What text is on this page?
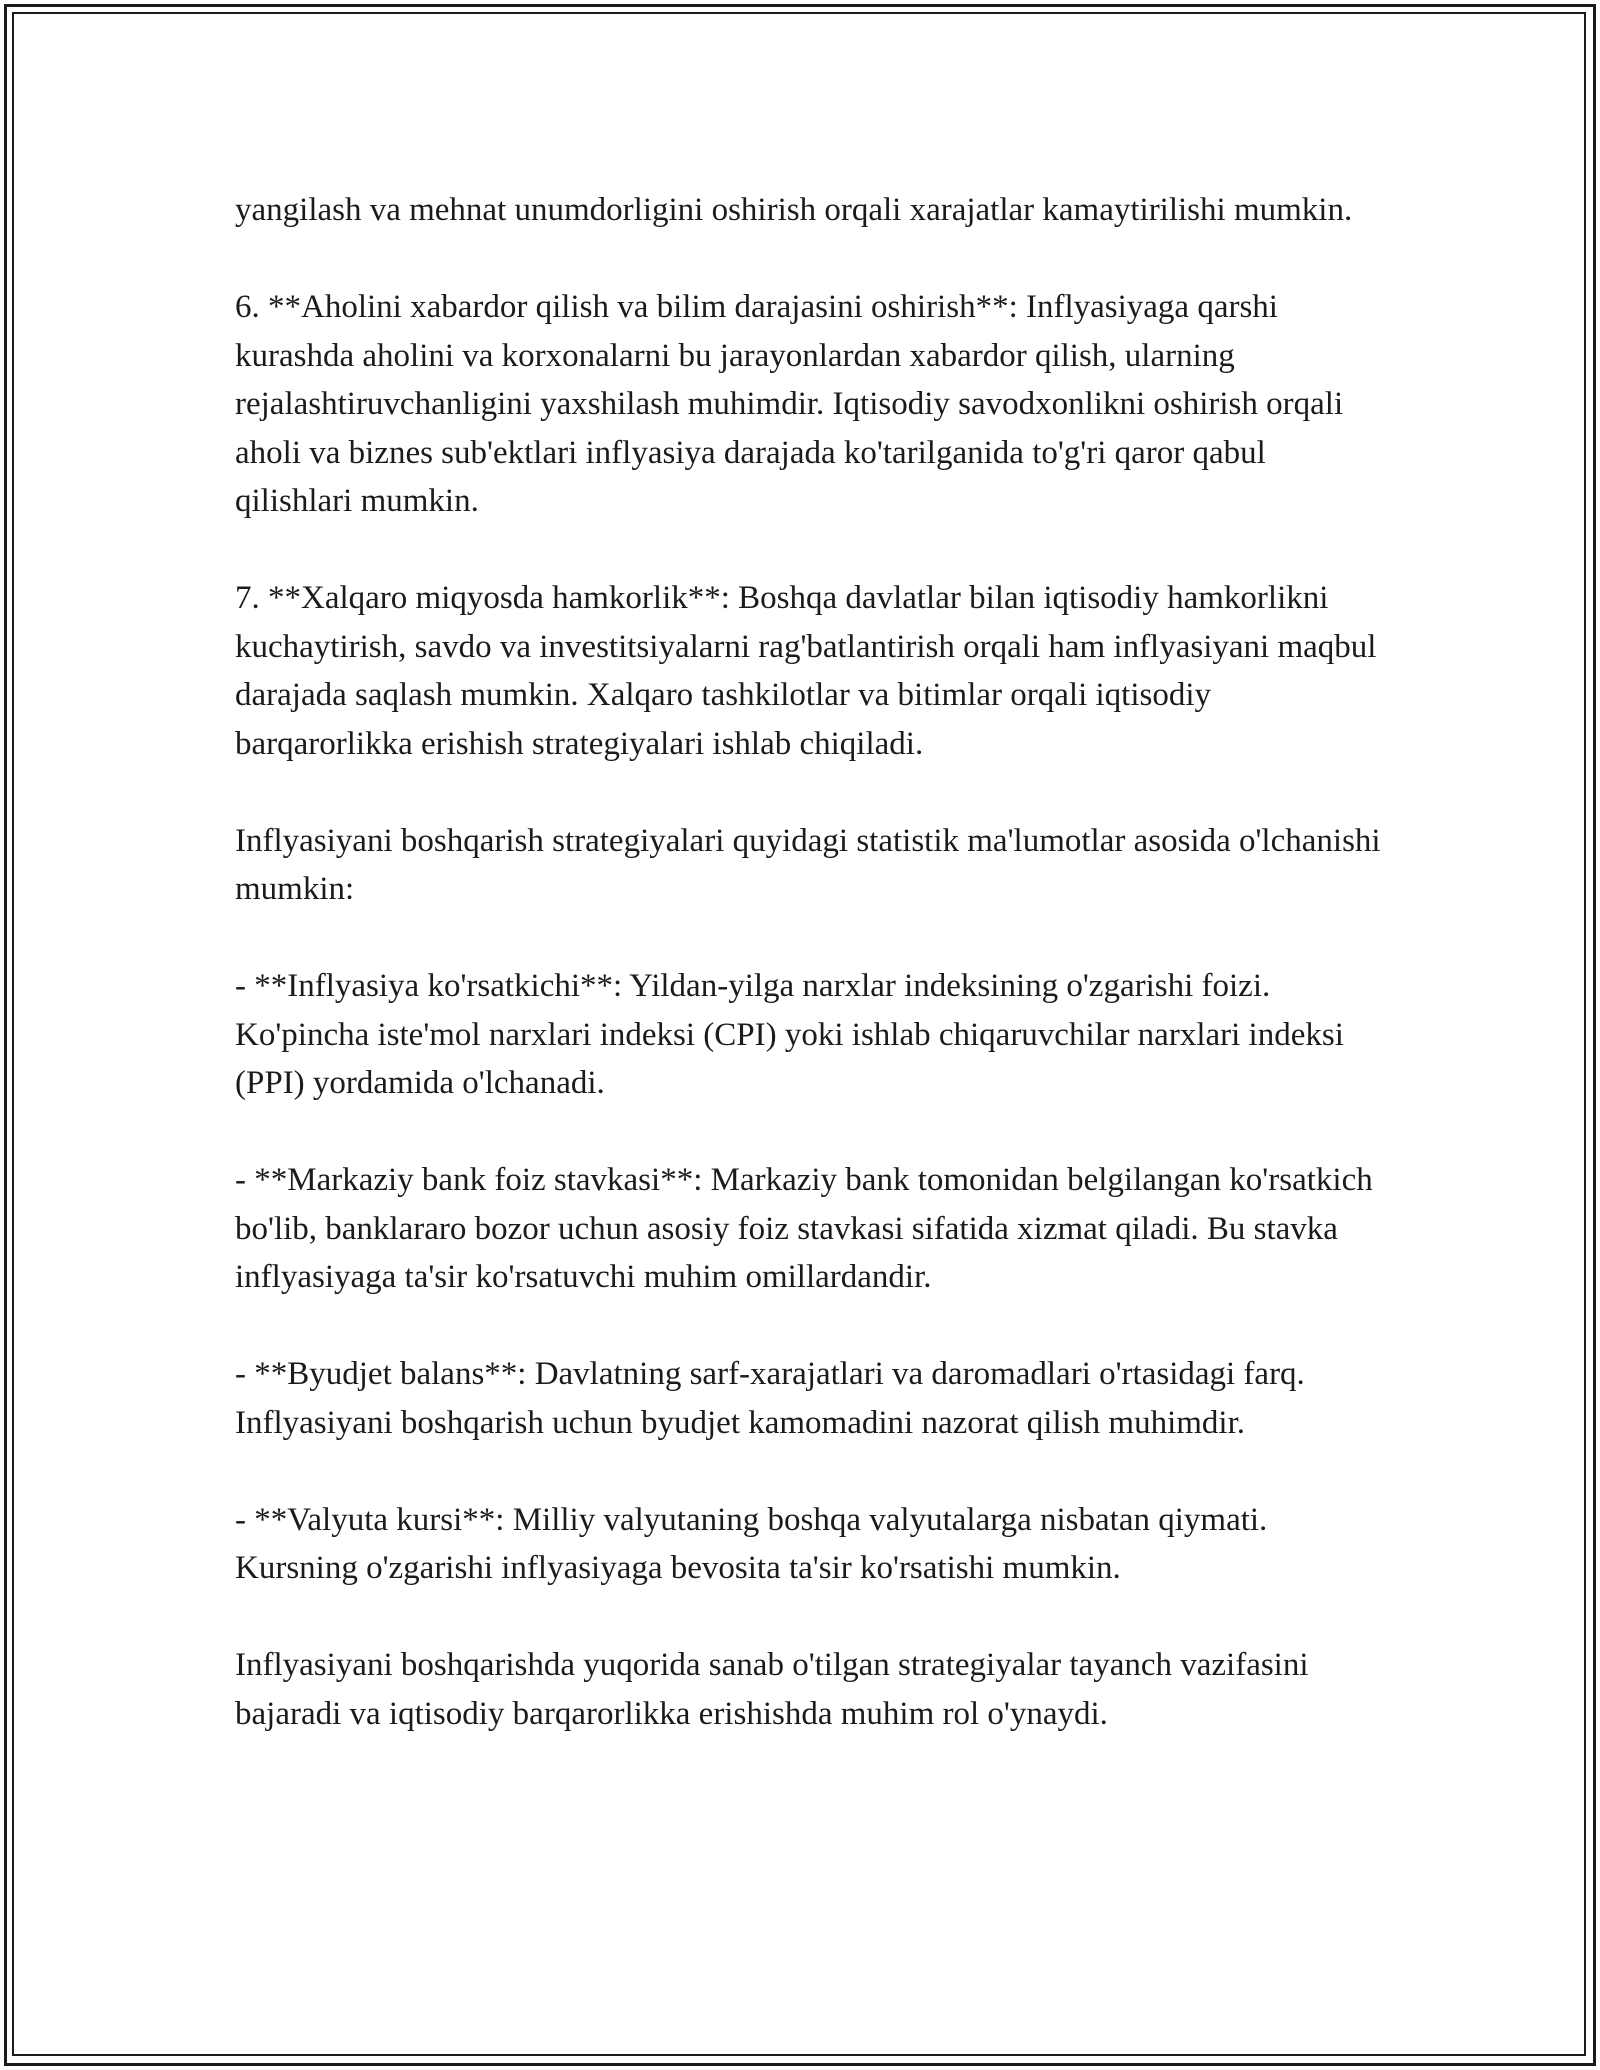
yangilash va mehnat unumdorligini oshirish orqali xarajatlar kamaytirilishi mumkin.

6. **Aholini xabardor qilish va bilim darajasini oshirish**: Inflyasiyaga qarshi kurashda aholini va korxonalarni bu jarayonlardan xabardor qilish, ularning rejalashtiruvchanligini yaxshilash muhimdir. Iqtisodiy savodxonlikni oshirish orqali aholi va biznes sub'ektlari inflyasiya darajada ko'tarilganida to'g'ri qaror qabul qilishlari mumkin.

7. **Xalqaro miqyosda hamkorlik**: Boshqa davlatlar bilan iqtisodiy hamkorlikni kuchaytirish, savdo va investitsiyalarni rag'batlantirish orqali ham inflyasiyani maqbul darajada saqlash mumkin. Xalqaro tashkilotlar va bitimlar orqali iqtisodiy barqarorlikka erishish strategiyalari ishlab chiqiladi.

Inflyasiyani boshqarish strategiyalari quyidagi statistik ma'lumotlar asosida o'lchanishi mumkin:

- **Inflyasiya ko'rsatkichi**: Yildan-yilga narxlar indeksining o'zgarishi foizi. Ko'pincha iste'mol narxlari indeksi (CPI) yoki ishlab chiqaruvchilar narxlari indeksi (PPI) yordamida o'lchanadi.

- **Markaziy bank foiz stavkasi**: Markaziy bank tomonidan belgilangan ko'rsatkich bo'lib, banklararo bozor uchun asosiy foiz stavkasi sifatida xizmat qiladi. Bu stavka inflyasiyaga ta'sir ko'rsatuvchi muhim omillardandir.

- **Byudjet balans**: Davlatning sarf-xarajatlari va daromadlari o'rtasidagi farq. Inflyasiyani boshqarish uchun byudjet kamomadini nazorat qilish muhimdir.

- **Valyuta kursi**: Milliy valyutaning boshqa valyutalarga nisbatan qiymati. Kursning o'zgarishi inflyasiyaga bevosita ta'sir ko'rsatishi mumkin.

Inflyasiyani boshqarishda yuqorida sanab o'tilgan strategiyalar tayanch vazifasini bajaradi va iqtisodiy barqarorlikka erishishda muhim rol o'ynaydi.
